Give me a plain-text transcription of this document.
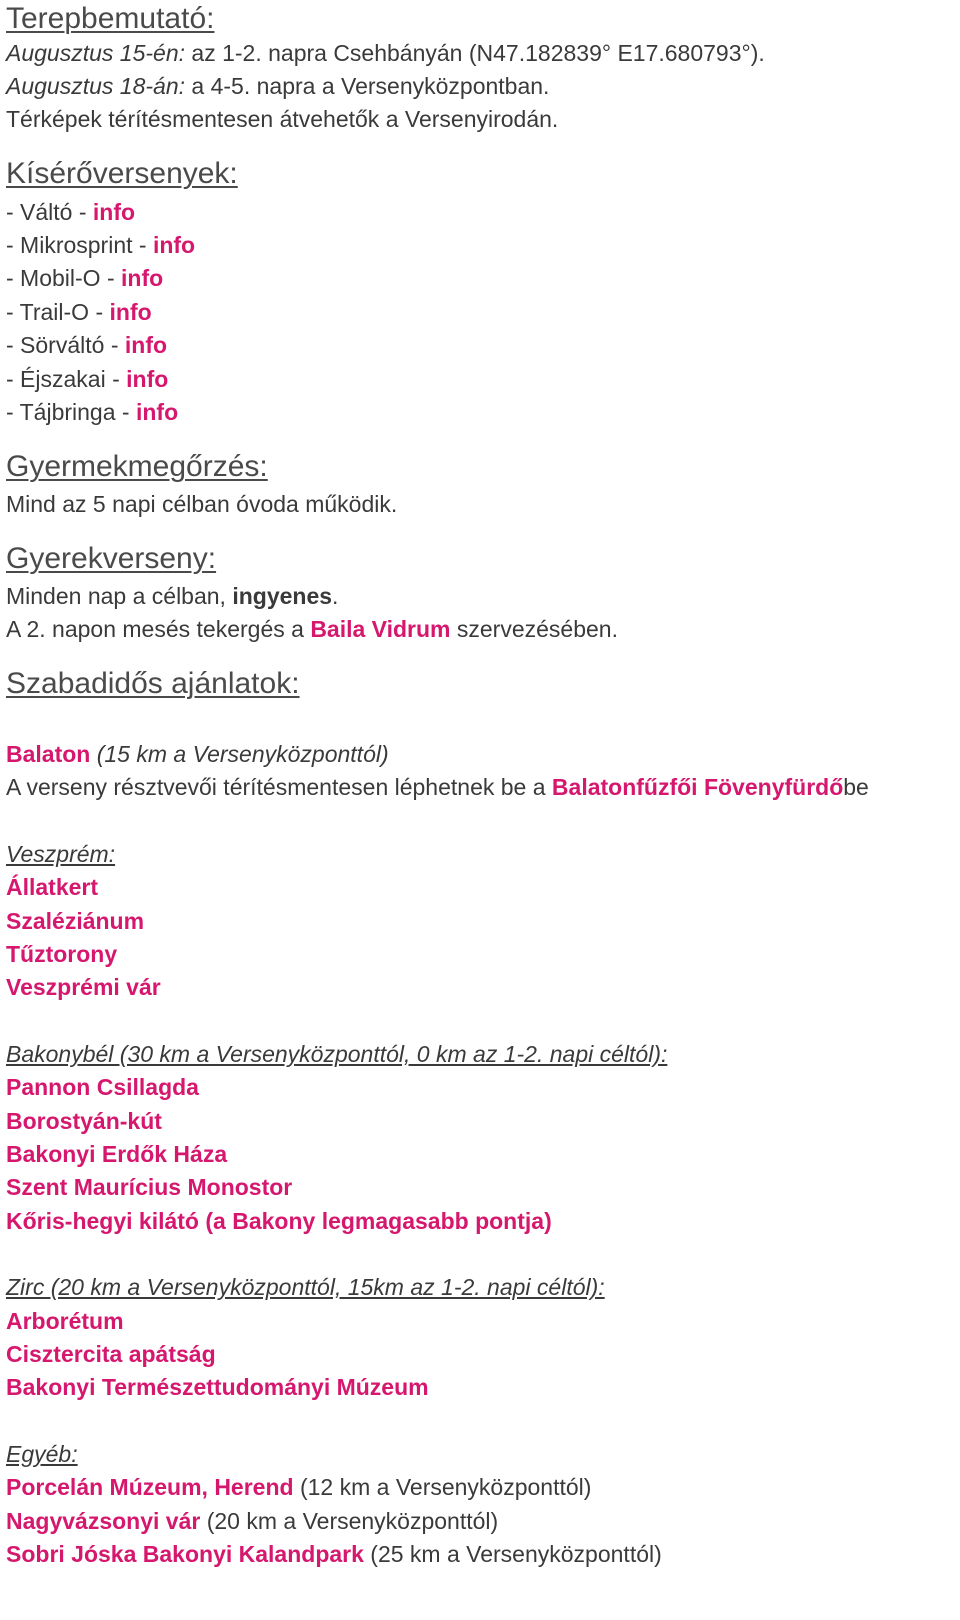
Terepbemutató:
Augusztus 15-én: az 1-2. napra Csehbányán (N47.182839° E17.680793°).
Augusztus 18-án: a 4-5. napra a Versenyközpontban.
Térképek térítésmentesen átvehetők a Versenyirodán.
Kísérőversenyek:
- Váltó - info
- Mikrosprint - info
- Mobil-O - info
- Trail-O - info
- Sörváltó - info
- Éjszakai - info
- Tájbringa - info
Gyermekmegőrzés:
Mind az 5 napi célban óvoda működik.
Gyerekverseny:
Minden nap a célban, ingyenes.
A 2. napon mesés tekergés a Baila Vidrum szervezésében.
Szabadidős ajánlatok:
Balaton (15 km a Versenyközponttól)
A verseny résztvevői térítésmentesen léphetnek be a Balatonfűzfői Fövenyfürdőbe
Veszprém:
Állatkert
Szaléziánum
Tűztorony
Veszprémi vár
Bakonybél (30 km a Versenyközponttól, 0 km az 1-2. napi céltól):
Pannon Csillagda
Borostyán-kút
Bakonyi Erdők Háza
Szent Maurícius Monostor
Kőris-hegyi kilátó (a Bakony legmagasabb pontja)
Zirc (20 km a Versenyközponttól, 15km az 1-2. napi céltól):
Arborétum
Cisztercita apátság
Bakonyi Természettudományi Múzeum
Egyéb:
Porcelán Múzeum, Herend (12 km a Versenyközponttól)
Nagyvázsonyi vár (20 km a Versenyközponttól)
Sobri Jóska Bakonyi Kalandpark (25 km a Versenyközponttól)
